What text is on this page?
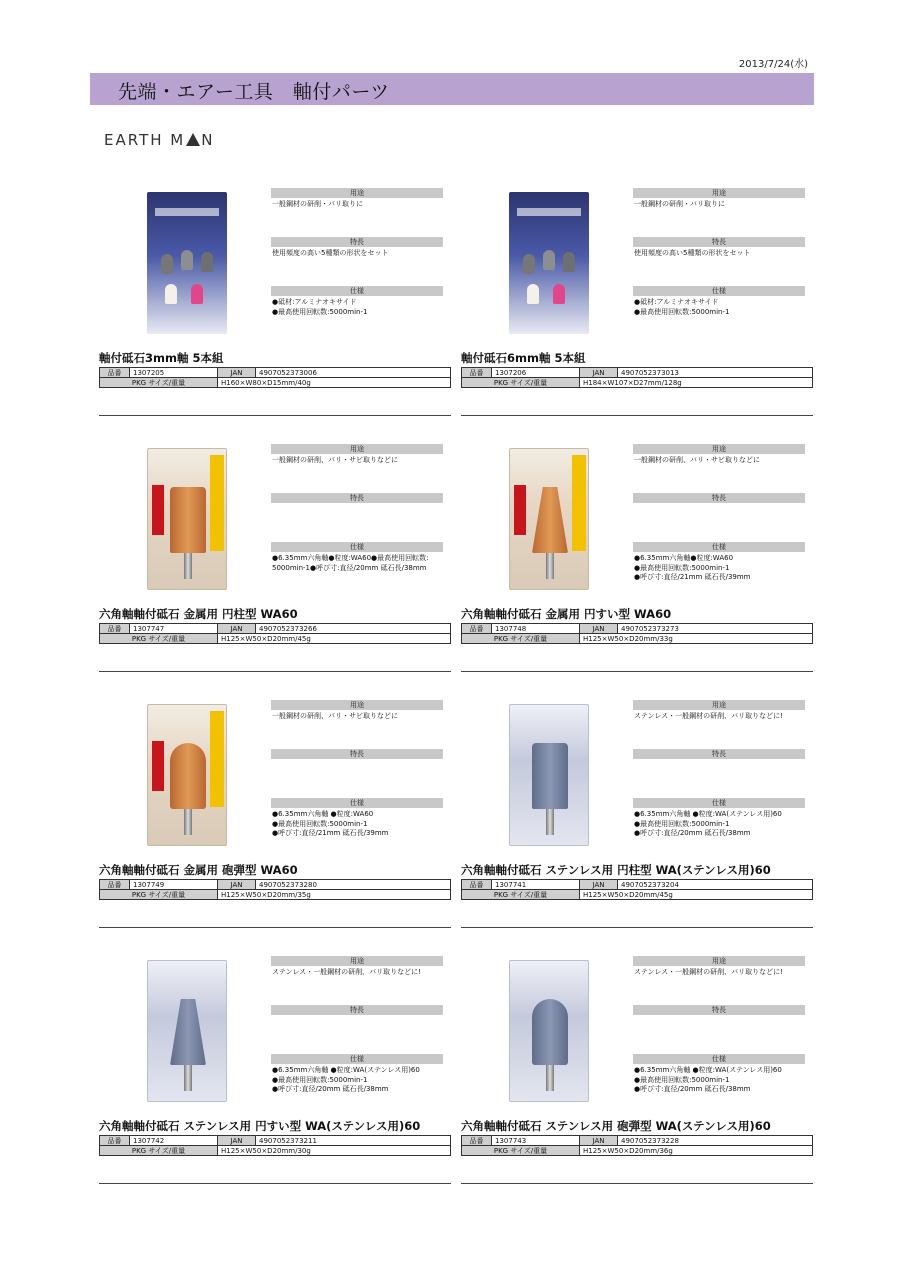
2013/7/24(水)
先端・エアー工具　軸付パーツ
EARTH M N
用途
一般鋼材の研削・バリ取りに
特長
使用頻度の高い5種類の形状をセット
仕様
●砥材:アルミナオキサイド
●最高使用回転数:5000min-1
軸付砥石3mm軸 5本組
品番	1307205	JAN	4907052373006
PKG サイズ/重量		H160×W80×D15mm/40g	
用途
一般鋼材の研削・バリ取りに
特長
使用頻度の高い5種類の形状をセット
仕様
●砥材:アルミナオキサイド
●最高使用回転数:5000min-1
軸付砥石6mm軸 5本組
品番	1307206	JAN	4907052373013
PKG サイズ/重量		H184×W107×D27mm/128g	
用途
一般鋼材の研削、バリ・サビ取りなどに
特長
仕様
●6.35mm六角軸●粒度:WA60●最高使用回転数:
5000min-1●呼び寸:直径/20mm 砥石長/38mm
六角軸軸付砥石 金属用 円柱型 WA60
品番	1307747	JAN	4907052373266
PKG サイズ/重量		H125×W50×D20mm/45g	
用途
一般鋼材の研削、バリ・サビ取りなどに
特長
仕様
●6.35mm六角軸●粒度:WA60
●最高使用回転数:5000min-1
●呼び寸:直径/21mm 砥石長/39mm
六角軸軸付砥石 金属用 円すい型 WA60
品番	1307748	JAN	4907052373273
PKG サイズ/重量		H125×W50×D20mm/33g	
用途
一般鋼材の研削、バリ・サビ取りなどに
特長
仕様
●6.35mm六角軸 ●粒度:WA60
●最高使用回転数:5000min-1
●呼び寸:直径/21mm 砥石長/39mm
六角軸軸付砥石 金属用 砲弾型 WA60
品番	1307749	JAN	4907052373280
PKG サイズ/重量		H125×W50×D20mm/35g	
用途
ステンレス・一般鋼材の研削、バリ取りなどに!
特長
仕様
●6.35mm六角軸 ●粒度:WA(ステンレス用)60
●最高使用回転数:5000min-1
●呼び寸:直径/20mm 砥石長/38mm
六角軸軸付砥石 ステンレス用 円柱型 WA(ステンレス用)60
品番	1307741	JAN	4907052373204
PKG サイズ/重量		H125×W50×D20mm/45g	
用途
ステンレス・一般鋼材の研削、バリ取りなどに!
特長
仕様
●6.35mm六角軸 ●粒度:WA(ステンレス用)60
●最高使用回転数:5000min-1
●呼び寸:直径/20mm 砥石長/38mm
六角軸軸付砥石 ステンレス用 円すい型 WA(ステンレス用)60
品番	1307742	JAN	4907052373211
PKG サイズ/重量		H125×W50×D20mm/30g	
用途
ステンレス・一般鋼材の研削、バリ取りなどに!
特長
仕様
●6.35mm六角軸 ●粒度:WA(ステンレス用)60
●最高使用回転数:5000min-1
●呼び寸:直径/20mm 砥石長/38mm
六角軸軸付砥石 ステンレス用 砲弾型 WA(ステンレス用)60
品番	1307743	JAN	4907052373228
PKG サイズ/重量		H125×W50×D20mm/36g	
